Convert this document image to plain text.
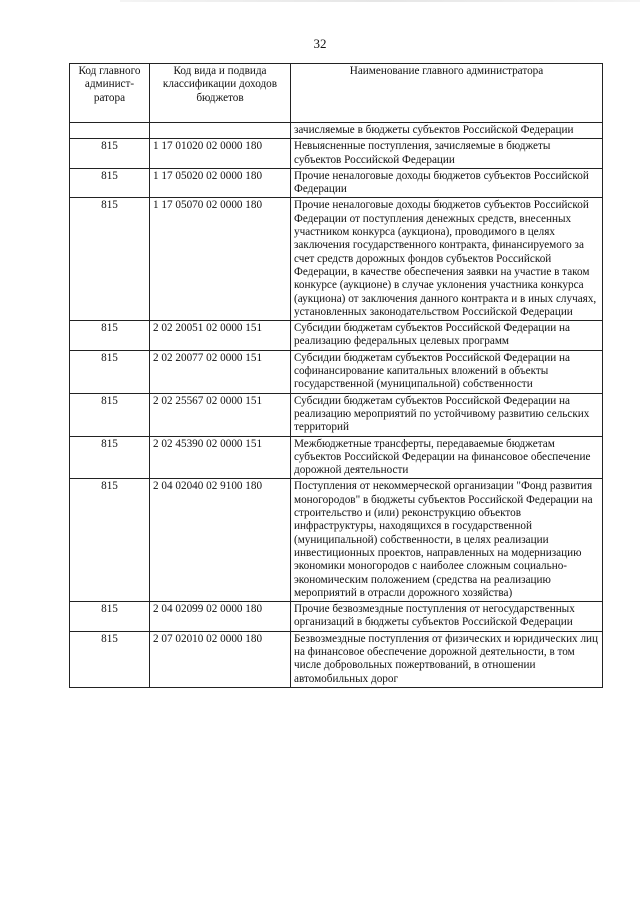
32
Код главного админист-ратора	Код вида и подвида классификации доходов бюджетов	Наименование главного администратора
		зачисляемые в бюджеты субъектов Российской Федерации
815	1 17 01020 02 0000 180	Невыясненные поступления, зачисляемые в бюджеты субъектов Российской Федерации
815	1 17 05020 02 0000 180	Прочие неналоговые доходы бюджетов субъектов Российской Федерации
815	1 17 05070 02 0000 180	Прочие неналоговые доходы бюджетов субъектов Российской Федерации от поступления денежных средств, внесенных участником конкурса (аукциона), проводимого в целях заключения государственного контракта, финансируемого за счет средств дорожных фондов субъектов Российской Федерации, в качестве обеспечения заявки на участие в таком конкурсе (аукционе) в случае уклонения участника конкурса (аукциона) от заключения данного контракта и в иных случаях, установленных законодательством Российской Федерации
815	2 02 20051 02 0000 151	Субсидии бюджетам субъектов Российской Федерации на реализацию федеральных целевых программ
815	2 02 20077 02 0000 151	Субсидии бюджетам субъектов Российской Федерации на софинансирование капитальных вложений в объекты государственной (муниципальной) собственности
815	2 02 25567 02 0000 151	Субсидии бюджетам субъектов Российской Федерации на реализацию мероприятий по устойчивому развитию сельских территорий
815	2 02 45390 02 0000 151	Межбюджетные трансферты, передаваемые бюджетам субъектов Российской Федерации на финансовое обеспечение дорожной деятельности
815	2 04 02040 02 9100 180	Поступления от некоммерческой организации "Фонд развития моногородов" в бюджеты субъектов Российской Федерации на строительство и (или) реконструкцию объектов инфраструктуры, находящихся в государственной (муниципальной) собственности, в целях реализации инвестиционных проектов, направленных на модернизацию экономики моногородов с наиболее сложным социально-экономическим положением (средства на реализацию мероприятий в отрасли дорожного хозяйства)
815	2 04 02099 02 0000 180	Прочие безвозмездные поступления от негосударственных организаций в бюджеты субъектов Российской Федерации
815	2 07 02010 02 0000 180	Безвозмездные поступления от физических и юридических лиц на финансовое обеспечение дорожной деятельности, в том числе добровольных пожертвований, в отношении автомобильных дорог
